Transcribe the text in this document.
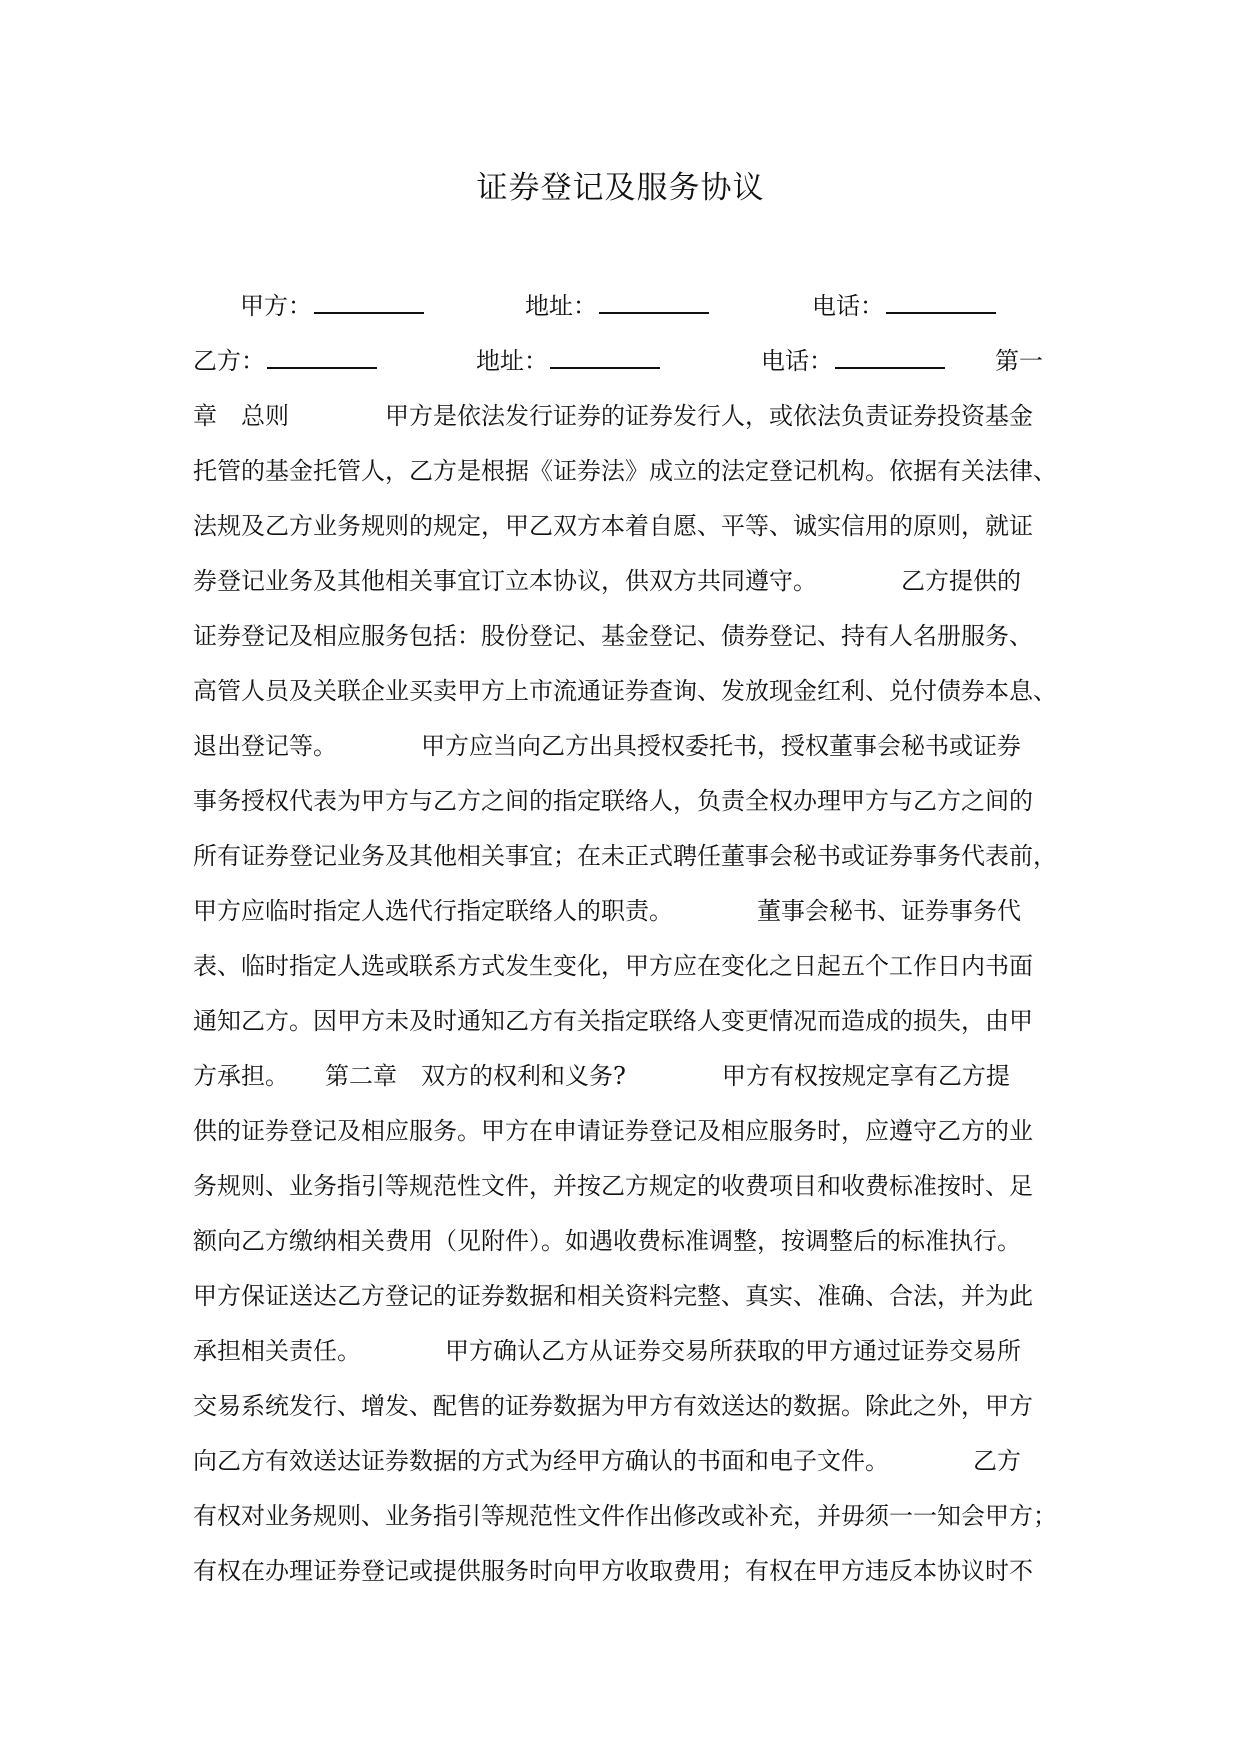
证券登记及服务协议
甲方：	地址：	电话：
乙方：	地址：	电话：	第一
章　总则　　　　甲方是依法发行证券的证券发行人，或依法负责证券投资基金
托管的基金托管人，乙方是根据《证券法》成立的法定登记机构。依据有关法律、
法规及乙方业务规则的规定，甲乙双方本着自愿、平等、诚实信用的原则，就证
券登记业务及其他相关事宜订立本协议，供双方共同遵守。　　　　乙方提供的
证券登记及相应服务包括：股份登记、基金登记、债券登记、持有人名册服务、
高管人员及关联企业买卖甲方上市流通证券查询、发放现金红利、兑付债券本息、
退出登记等。　　　　甲方应当向乙方出具授权委托书，授权董事会秘书或证券
事务授权代表为甲方与乙方之间的指定联络人，负责全权办理甲方与乙方之间的
所有证券登记业务及其他相关事宜；在未正式聘任董事会秘书或证券事务代表前，
甲方应临时指定人选代行指定联络人的职责。　　　　董事会秘书、证券事务代
表、临时指定人选或联系方式发生变化，甲方应在变化之日起五个工作日内书面
通知乙方。因甲方未及时通知乙方有关指定联络人变更情况而造成的损失，由甲
方承担。　　第二章　双方的权利和义务?　　　　甲方有权按规定享有乙方提
供的证券登记及相应服务。甲方在申请证券登记及相应服务时，应遵守乙方的业
务规则、业务指引等规范性文件，并按乙方规定的收费项目和收费标准按时、足
额向乙方缴纳相关费用（见附件）。如遇收费标准调整，按调整后的标准执行。
甲方保证送达乙方登记的证券数据和相关资料完整、真实、准确、合法，并为此
承担相关责任。　　　　甲方确认乙方从证券交易所获取的甲方通过证券交易所
交易系统发行、增发、配售的证券数据为甲方有效送达的数据。除此之外，甲方
向乙方有效送达证券数据的方式为经甲方确认的书面和电子文件。　　　　乙方
有权对业务规则、业务指引等规范性文件作出修改或补充，并毋须一一知会甲方；
有权在办理证券登记或提供服务时向甲方收取费用；有权在甲方违反本协议时不
